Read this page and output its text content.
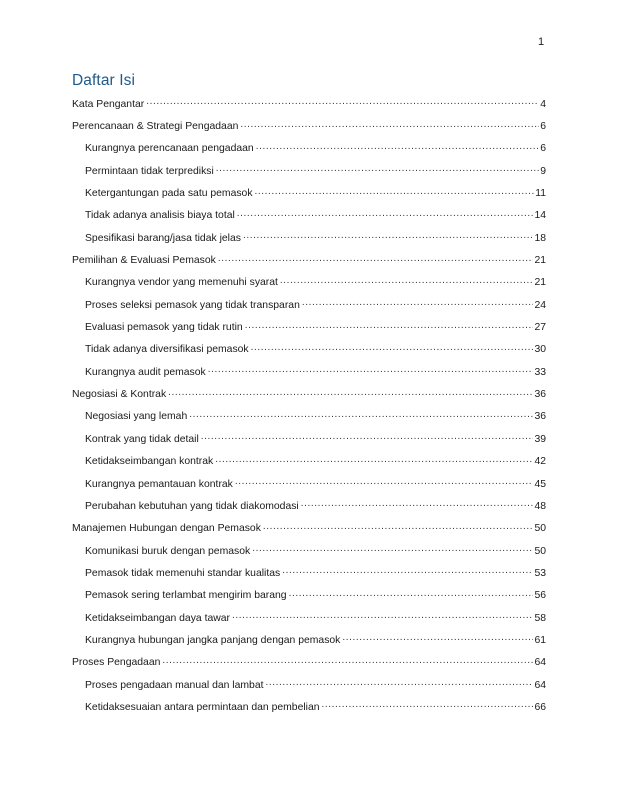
1
Daftar Isi
Kata Pengantar .....	4
Perencanaan & Strategi Pengadaan .....	6
Kurangnya perencanaan pengadaan .....	6
Permintaan tidak terprediksi .....	9
Ketergantungan pada satu pemasok .....	11
Tidak adanya analisis biaya total .....	14
Spesifikasi barang/jasa tidak jelas .....	18
Pemilihan & Evaluasi Pemasok .....	21
Kurangnya vendor yang memenuhi syarat .....	21
Proses seleksi pemasok yang tidak transparan .....	24
Evaluasi pemasok yang tidak rutin .....	27
Tidak adanya diversifikasi pemasok .....	30
Kurangnya audit pemasok .....	33
Negosiasi & Kontrak .....	36
Negosiasi yang lemah .....	36
Kontrak yang tidak detail .....	39
Ketidakseimbangan kontrak .....	42
Kurangnya pemantauan kontrak .....	45
Perubahan kebutuhan yang tidak diakomodasi .....	48
Manajemen Hubungan dengan Pemasok .....	50
Komunikasi buruk dengan pemasok .....	50
Pemasok tidak memenuhi standar kualitas .....	53
Pemasok sering terlambat mengirim barang .....	56
Ketidakseimbangan daya tawar .....	58
Kurangnya hubungan jangka panjang dengan pemasok .....	61
Proses Pengadaan .....	64
Proses pengadaan manual dan lambat .....	64
Ketidaksesuaian antara permintaan dan pembelian .....	66
